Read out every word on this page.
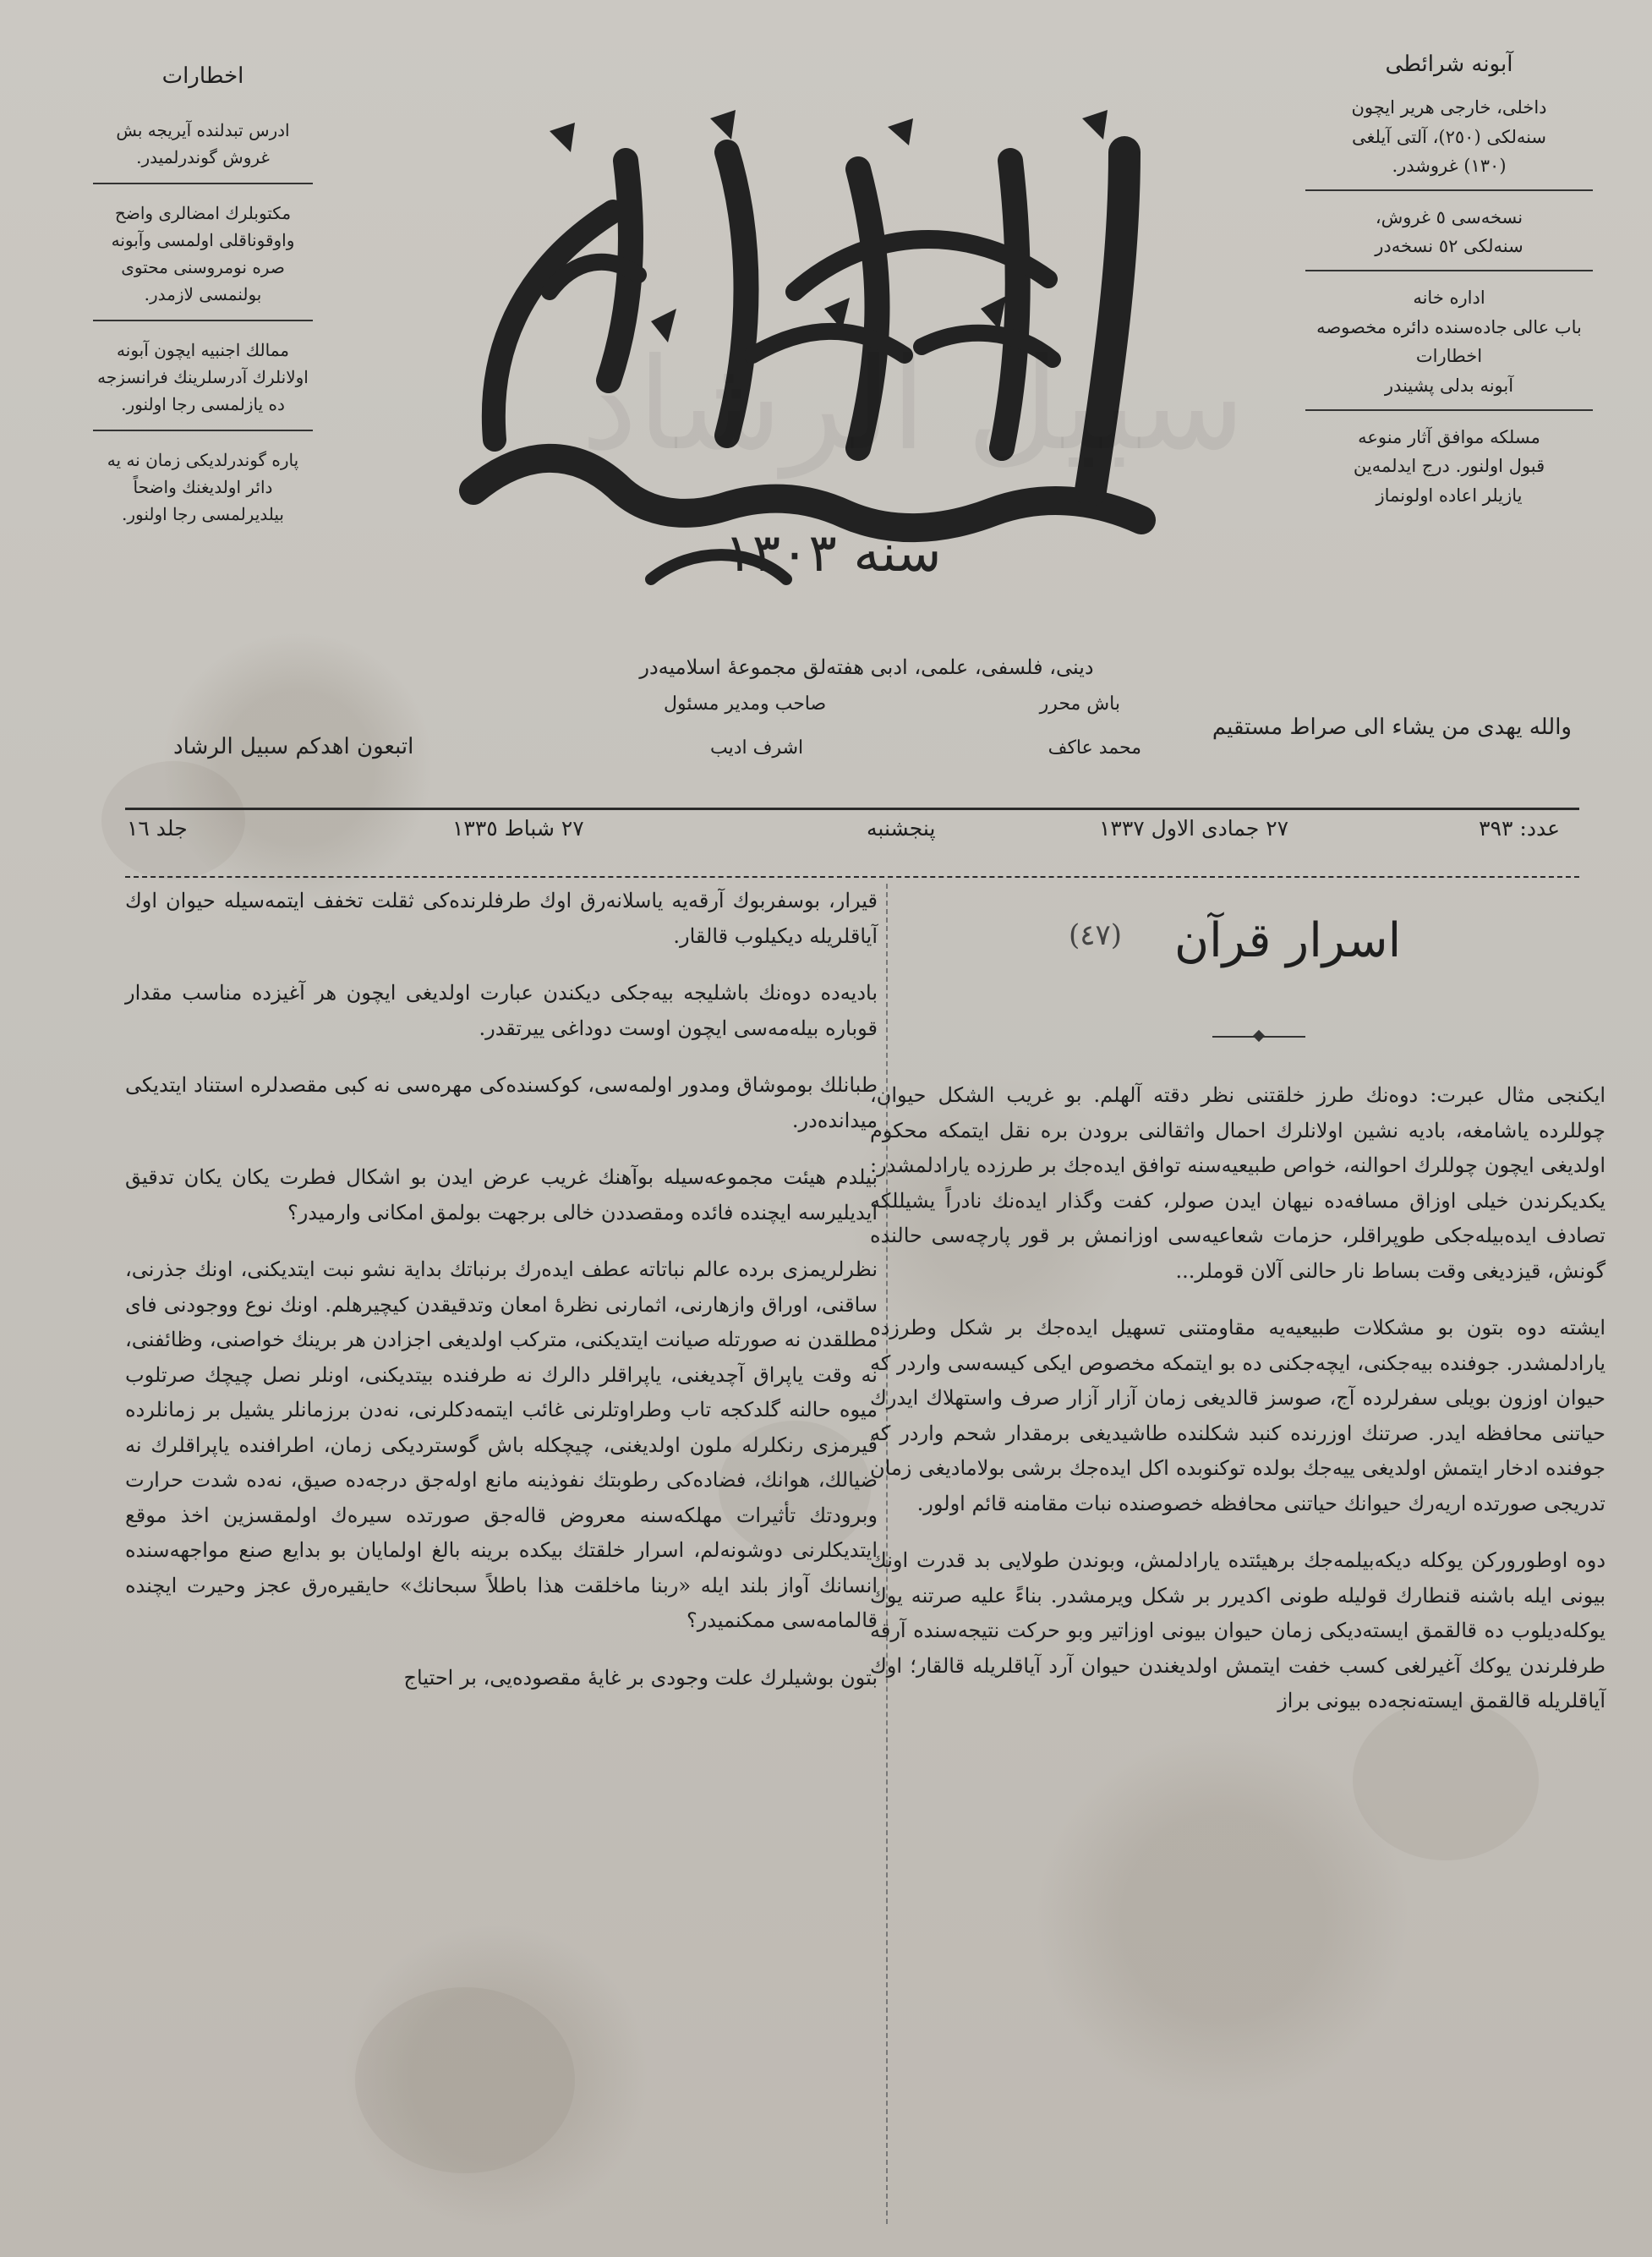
اخطارات
ادرس تبدلنده آیریجه بش غروش گوندرلمیدر.
مکتوبلرك امضالری واضح واوقوناقلی اولمسی وآبونه صره نومروسنی محتوی بولنمسی لازمدر.
ممالك اجنبیه ایچون آبونه اولانلرك آدرسلرینك فرانسزجه ده یازلمسی رجا اولنور.
پاره گوندرلدیکی زمان نه یه دائر اولدیغنك واضحاً بیلدیرلمسی رجا اولنور.
سنه ۱۳۰۳
سبیل الرشاد
آبونه شرائطی
داخلی، خارجی هریر ایچون
سنه‌لکی (۲٥٠)، آلتی آیلغی
(۱۳۰) غروشدر.
نسخه‌سی ٥ غروش،
سنه‌لکی ٥٢ نسخه‌در
اداره خانه
باب عالی جاده‌سنده دائره مخصوصه
اخطارات
آبونه بدلی پشیندر
مسلکه موافق آثار منوعه
قبول اولنور. درج ایدلمه‌ین
یازیلر اعاده اولونماز
دینی، فلسفی، علمی، ادبی هفته‌لق مجموعهٔ اسلامیه‌در
صاحب ومدیر مسئول	باش محرر
اشرف ادیب	محمد عاکف
والله یهدی من یشاء الی صراط مستقیم
اتبعون اهدکم سبیل الرشاد
جلد ۱٦	۲۷ شباط ۱۳۳٥	پنجشنبه	۲۷ جمادی الاول ۱۳۳۷	عدد: ۳۹۳
(٤۷) اسرار قرآن

ایکنجی مثال عبرت: دوه‌نك طرز خلقتنی نظر دقته آلهلم. بو غریب الشکل حیوان، چوللرده یاشامغه، بادیه نشین اولانلرك احمال واثقالنی برودن بره نقل ایتمکه محکوم اولدیغی ایچون چوللرك احوالنه، خواص طبیعیه‌سنه توافق ایده‌جك بر طرزده یارادلمشدر: یکدیکرندن خیلی اوزاق مسافه‌ده نیهان ایدن صولر، کفت وگذار ایده‌نك نادراً یشیللکه تصادف ایده‌بیله‌جکی طوپراقلر، حزمات شعاعیه‌سی اوزانمش بر قور پارچه‌سی حالنده گونش، قیزدیغی وقت بساط نار حالنی آلان قوملر...

ایشته دوه بتون بو مشکلات طبیعیه‌یه مقاومتنی تسهیل ایده‌جك بر شکل وطرزده یارادلمشدر. جوفنده بیه‌جکنی، ایچه‌جکنی ده بو ایتمکه مخصوص ایکی کیسه‌سی واردر که حیوان اوزون بویلی سفرلرده آج، صوسز قالدیغی زمان آزار آزار صرف واستهلاك ایدرك حیاتنی محافظه ایدر. صرتنك اوزرنده کنبد شکلنده طاشیدیغی برمقدار شحم واردر که جوفنده ادخار ایتمش اولدیغی ییه‌جك بولده توکنوبده اکل ایده‌جك برشی بولامادیغی زمان تدریجی صورتده اریه‌رك حیوانك حیاتنی محافظه خصوصنده نبات مقامنه قائم اولور.

دوه اوطورورکن یوکله دیکه‌بیلمه‌جك برهیئتده یارادلمش، وبوندن طولایی بد قدرت اونك بیونی ایله باشنه قنطارك قولیله طونی اکدیرر بر شکل ویرمشدر. بناءً علیه صرتنه یوك یوکله‌دیلوب ده قالقمق ایسته‌دیکی زمان حیوان بیونی اوزاتیر وبو حرکت نتیجه‌سنده آرقه طرفلرندن یوکك آغیرلغی کسب خفت ایتمش اولدیغندن حیوان آرد آیاقلریله قالقار؛ اوك آیاقلریله قالقمق ایسته‌نجه‌ده بیونی براز

قیرار، بوسفربوك آرقه‌یه یاسلانه‌رق اوك طرفلرنده‌کی ثقلت تخفف ایتمه‌سیله حیوان اوك آیاقلریله دیکیلوب قالقار.

بادیه‌ده دوه‌نك باشلیجه بیه‌جکی دیکندن عبارت اولدیغی ایچون هر آغیزده مناسب مقدار قوباره بیله‌مه‌سی ایچون اوست دوداغی ییرتقدر.

طبانلك بوموشاق ومدور اولمه‌سی، کوکسنده‌کی مهره‌سی نه کبی مقصدلره استناد ایتدیکی میدانده‌در.

بیلدم هیئت مجموعه‌سیله بوآهنك غریب عرض ایدن بو اشکال فطرت یکان یکان تدقیق ایدیلیرسه ایچنده فائده ومقصددن خالی برجهت بولمق امکانی وارمیدر؟

نظرلریمزی برده عالم نباتاته عطف ایده‌رك برنباتك بدایة نشو نبت ایتدیکنی، اونك جذرنی، ساقنی، اوراق وازهارنی، اثمارنی نظرهٔ امعان وتدقیقدن کیچیرهلم. اونك نوع ووجودنی فای مطلقدن نه صورتله صیانت ایتدیکنی، مترکب اولدیغی اجزادن هر برینك خواصنی، وظائفنی، نه وقت یاپراق آچدیغنی، یاپراقلر دالرك نه طرفنده بیتدیکنی، اونلر نصل چیچك صرتلوب میوه حالنه گلدکجه تاب وطراوتلرنی غائب ایتمه‌دکلرنی، نه‌دن برزمانلر یشیل بر زمانلرده قیرمزی رنکلرله ملون اولدیغنی، چیچکله باش گوستردیکی زمان، اطرافنده یاپراقلرك نه ضیالك، هوانك، فضاده‌کی رطوبتك نفوذینه مانع اوله‌جق درجه‌ده صیق، نه‌ده شدت حرارت وبرودتك تأثیرات مهلکه‌سنه معروض قاله‌جق صورتده سیره‌ك اولمقسزین اخذ موقع ایتدیکلرنی دوشونه‌لم، اسرار خلقتك بیکده برینه بالغ اولمایان بو بدایع صنع مواجهه‌سنده انسانك آواز بلند ایله «ربنا ماخلقت هذا باطلاً سبحانك» حایقیره‌رق عجز وحیرت ایچنده قالمامه‌سی ممکنمیدر؟

بتون بوشیلرك علت وجودی بر غایهٔ مقصوده‌یی، بر احتیاج
